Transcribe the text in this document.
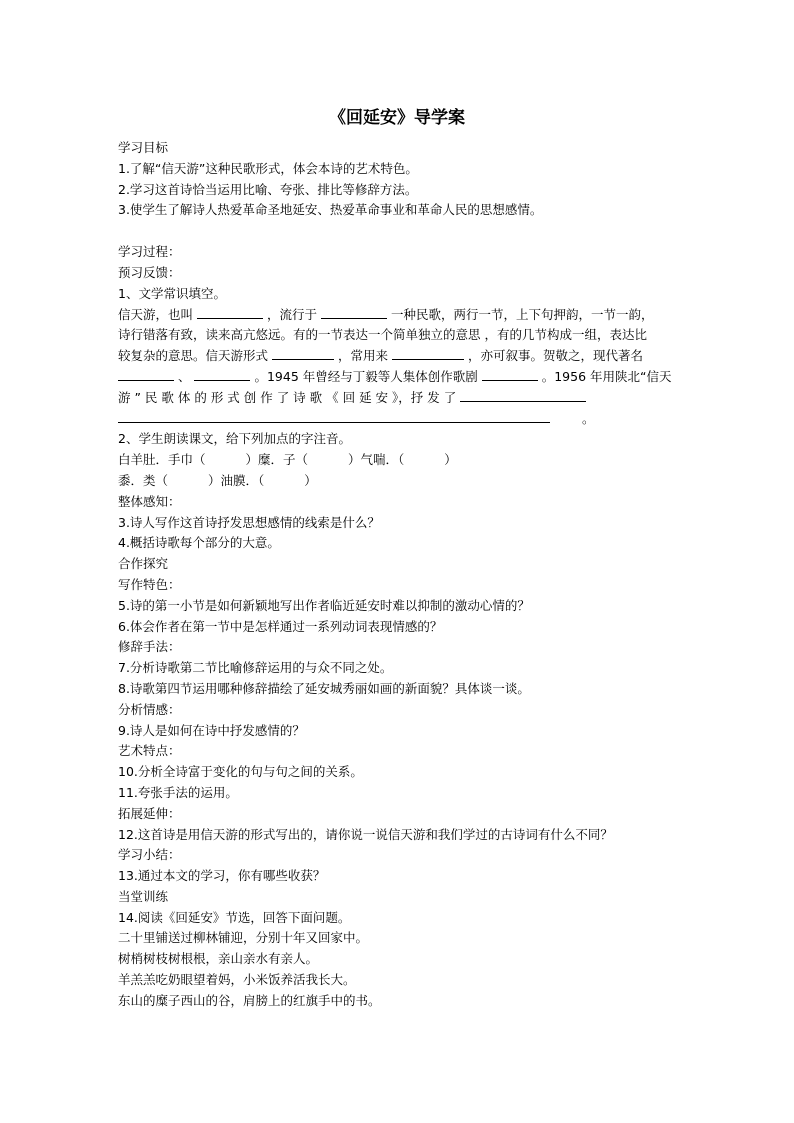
《回延安》导学案
学习目标
1.了解“信天游”这种民歌形式，体会本诗的艺术特色。
2.学习这首诗恰当运用比喻、夸张、排比等修辞方法。
3.使学生了解诗人热爱革命圣地延安、热爱革命事业和革命人民的思想感情。
学习过程：
预习反馈：
1、文学常识填空。
信天游，也叫	，流行于	一种民歌，两行一节，上下句押韵，一节一韵，
诗行错落有致，读来高亢悠远。有的一节表达一个简单独立的意思 ，有的几节构成一组，表达比
较复杂的意思。信天游形式	，常用来	，亦可叙事。贺敬之，现代著名
、	。1945 年曾经与丁毅等人集体创作歌剧	。1956 年用陕北“信天
游 ” 民 歌 体 的 形 式 创 作 了 诗 歌 《 回 延 安 》，抒 发 了
。
2、学生朗读课文，给下列加点的字注音。
白羊肚．手巾（	）糜．子（	）气喘．（	）
黍．类（	）油膜．（	）
整体感知：
3.诗人写作这首诗抒发思想感情的线索是什么？
4.概括诗歌每个部分的大意。
合作探究
写作特色：
5.诗的第一小节是如何新颖地写出作者临近延安时难以抑制的激动心情的？
6.体会作者在第一节中是怎样通过一系列动词表现情感的？
修辞手法：
7.分析诗歌第二节比喻修辞运用的与众不同之处。
8.诗歌第四节运用哪种修辞描绘了延安城秀丽如画的新面貌？具体谈一谈。
分析情感：
9.诗人是如何在诗中抒发感情的？
艺术特点：
10.分析全诗富于变化的句与句之间的关系。
11.夸张手法的运用。
拓展延伸：
12.这首诗是用信天游的形式写出的，请你说一说信天游和我们学过的古诗词有什么不同？
学习小结：
13.通过本文的学习，你有哪些收获？
当堂训练
14.阅读《回延安》节选，回答下面问题。
二十里铺送过柳林铺迎，分别十年又回家中。
树梢树枝树根根，亲山亲水有亲人。
羊羔羔吃奶眼望着妈，小米饭养活我长大。
东山的糜子西山的谷，肩膀上的红旗手中的书。
